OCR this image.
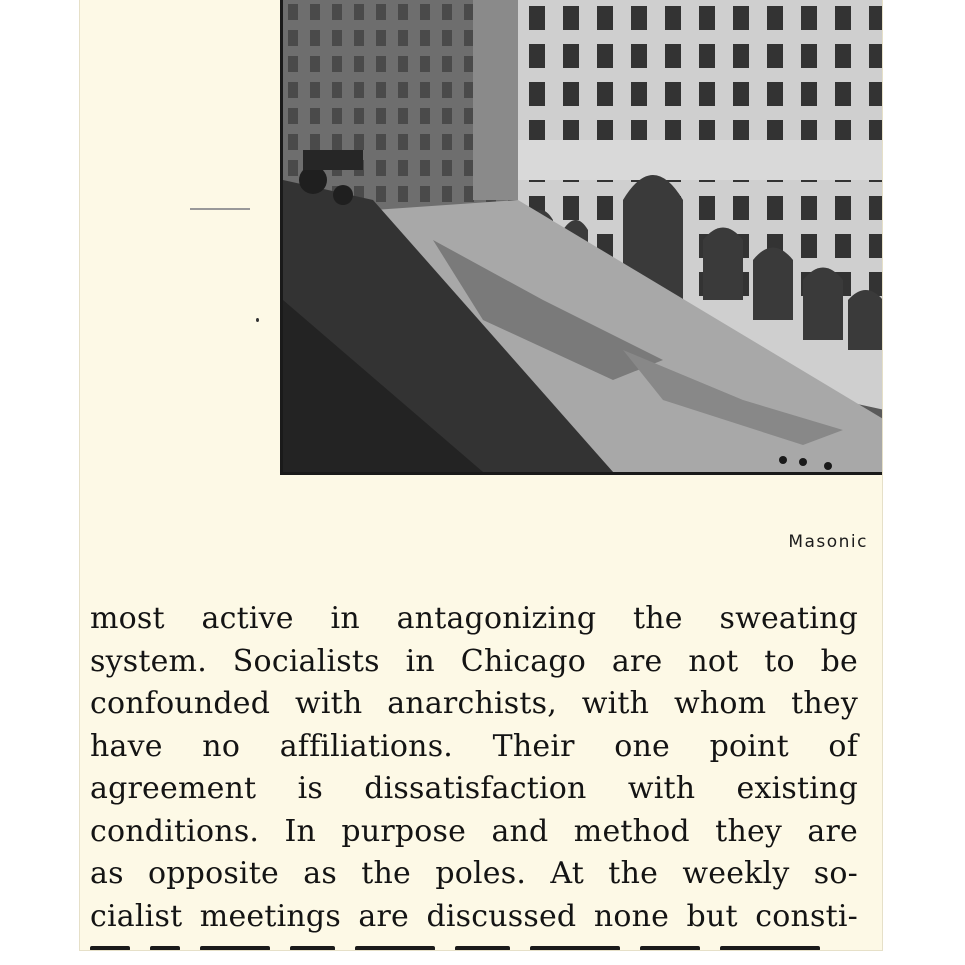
Masonic
most active in antagonizing the sweating
system. Socialists in Chicago are not to be
confounded with anarchists, with whom they
have no affiliations. Their one point of
agreement is dissatisfaction with existing
conditions. In purpose and method they are
as opposite as the poles. At the weekly so-
cialist meetings are discussed none but consti-
